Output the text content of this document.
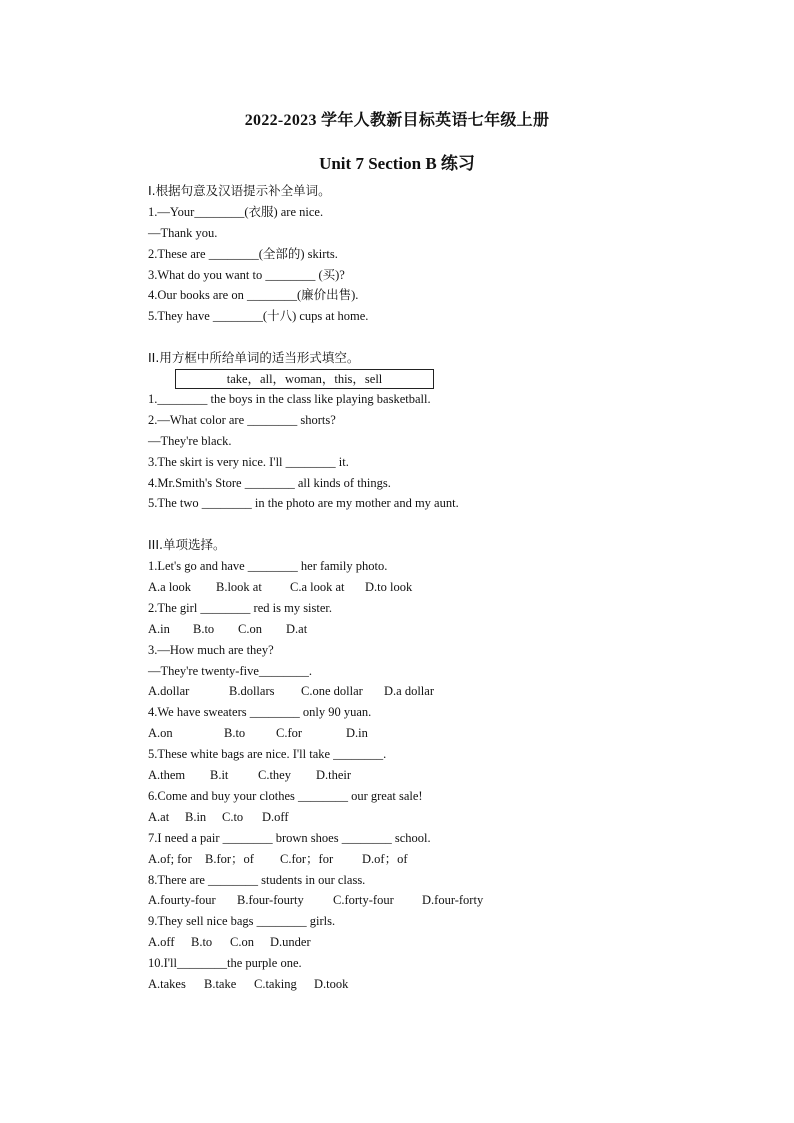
2022-2023 学年人教新目标英语七年级上册
Unit 7 Section B 练习
I.根据句意及汉语提示补全单词。
1.—Your________(衣服) are nice.
—Thank you.
2.These are ________(全部的) skirts.
3.What do you want to ________ (买)?
4.Our books are on ________(廉价出售).
5.They have ________(十八) cups at home.
II.用方框中所给单词的适当形式填空。
take，all，woman，this，sell
1.________ the boys in the class like playing basketball.
2.—What color are ________ shorts?
—They're black.
3.The skirt is very nice. I'll ________ it.
4.Mr.Smith's Store ________ all kinds of things.
5.The two ________ in the photo are my mother and my aunt.
III.单项选择。
1.Let's go and have ________ her family photo.
A.a look B.look at C.a look at D.to look
2.The girl ________ red is my sister.
A.in B.to C.on D.at
3.—How much are they?
—They're twenty-five________.
A.dollar	B.dollars C.one dollar D.a dollar
4.We have sweaters ________ only 90 yuan.
A.on	B.to C.for	D.in
5.These white bags are nice. I'll take ________.
A.them B.it C.they D.their
6.Come and buy your clothes ________ our great sale!
A.at B.in C.to D.off
7.I need a pair ________ brown shoes ________ school.
A.of; for B.for；of C.for；for D.of；of
8.There are ________ students in our class.
A.fourty-four B.four-fourty C.forty-four D.four-forty
9.They sell nice bags ________ girls.
A.off B.to C.on D.under
10.I'll________the purple one.
A.takes B.take C.taking D.took
